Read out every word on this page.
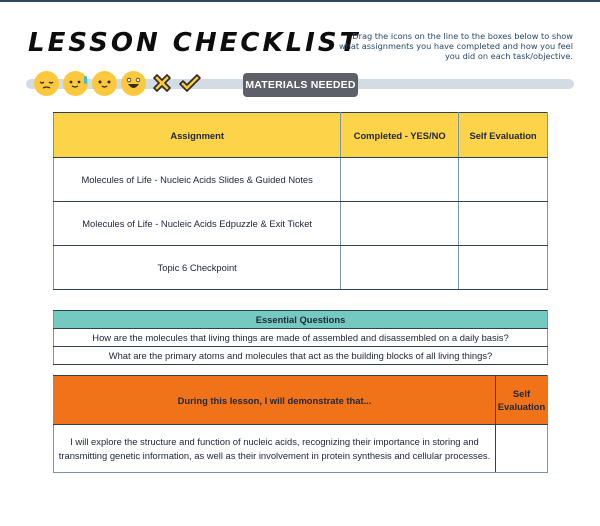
LESSON CHECKLIST
Drag the icons on the line to the boxes below to show what assignments you have completed and how you feel you did on each task/objective.
MATERIALS NEEDED
Assignment	Completed - YES/NO	Self Evaluation
Molecules of Life - Nucleic Acids Slides & Guided Notes		
Molecules of Life - Nucleic Acids Edpuzzle & Exit Ticket		
Topic 6 Checkpoint		
Essential Questions
How are the molecules that living things are made of assembled and disassembled on a daily basis?
What are the primary atoms and molecules that act as the building blocks of all living things?
During this lesson, I will demonstrate that...	Self
Evaluation
I will explore the structure and function of nucleic acids, recognizing their importance in storing and transmitting genetic information, as well as their involvement in protein synthesis and cellular processes.	
